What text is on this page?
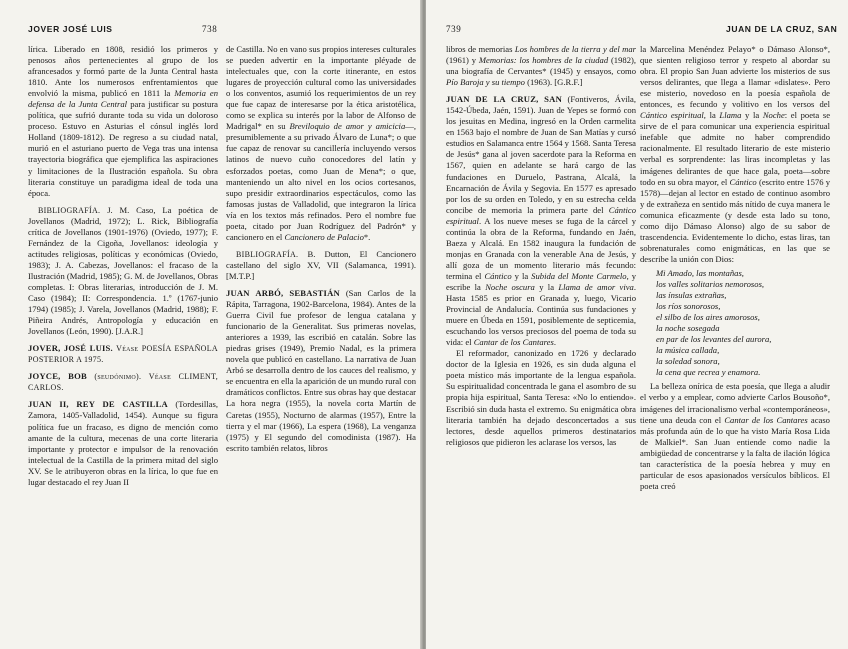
JOVER JOSÉ LUIS	738

lírica. Liberado en 1808, residió los primeros y penosos años pertenecientes al grupo de los afrancesados y formó parte de la Junta Central hasta 1810. Ante los numerosos enfrentamientos que envolvió la misma, publicó en 1811 la Memoria en defensa de la Junta Central para justificar su postura política, que sufrió durante toda su vida un doloroso proceso. Estuvo en Asturias el cónsul inglés lord Holland (1809-1812). De regreso a su ciudad natal, murió en el asturiano puerto de Vega tras una intensa trayectoria biográfica que ejemplifica las aspiraciones y limitaciones de la Ilustración española. Su obra literaria constituye un paradigma ideal de toda una época.

BIBLIOGRAFÍA. J. M. Caso, La poética de Jovellanos (Madrid, 1972); L. Rick, Bibliografía crítica de Jovellanos (1901-1976) (Oviedo, 1977); F. Fernández de la Cigoña, Jovellanos: ideología y actitudes religiosas, políticas y económicas (Oviedo, 1983); J. A. Cabezas, Jovellanos: el fracaso de la Ilustración (Madrid, 1985); G. M. de Jovellanos, Obras completas. I: Obras literarias, introducción de J. M. Caso (1984); II: Correspondencia. 1.º (1767-junio 1794) (1985); J. Varela, Jovellanos (Madrid, 1988); F. Piñeira Andrés, Antropología y educación en Jovellanos (León, 1990). [J.A.R.]

JOVER, JOSÉ LUIS. Véase POESÍA ESPAÑOLA POSTERIOR A 1975.

JOYCE, BOB (seudónimo). Véase CLIMENT, CARLOS.

JUAN II, REY DE CASTILLA (Tordesillas, Zamora, 1405-Valladolid, 1454). Aunque su figura política fue un fracaso, es digno de mención como amante de la cultura, mecenas de una corte literaria importante y protector e impulsor de la renovación intelectual de la Castilla de la primera mitad del siglo XV. Se le atribuyeron obras en la lírica, lo que fue en lugar destacado el rey Juan II

de Castilla. No en vano sus propios intereses culturales se pueden advertir en la importante pléyade de intelectuales que, con la corte itinerante, en estos lugares de proyección cultural como las universidades o los conventos, asumió los requerimientos de un rey que fue capaz de interesarse por la ética aristotélica, como se explica su interés por la labor de Alfonso de Madrigal* en su Breviloquio de amor y amicicia—, presumiblemente a su privado Álvaro de Luna*; o que fue capaz de renovar su cancillería incluyendo versos latinos de nuevo cuño conocedores del latín y esforzados poetas, como Juan de Mena*; o que, manteniendo un alto nivel en los ocios cortesanos, supo presidir extraordinarios espectáculos, como las famosas justas de Valladolid, que integraron la lírica vía en los textos más refinados. Pero el nombre fue poeta, citado por Juan Rodríguez del Padrón* y cancionero en el Cancionero de Palacio*.

BIBLIOGRAFÍA. B. Dutton, El Cancionero castellano del siglo XV, VII (Salamanca, 1991). [M.T.P.]

JUAN ARBÓ, SEBASTIÁN (San Carlos de la Rápita, Tarragona, 1902-Barcelona, 1984). Antes de la Guerra Civil fue profesor de lengua catalana y funcionario de la Generalitat. Sus primeras novelas, anteriores a 1939, las escribió en catalán. Sobre las piedras grises (1949), Premio Nadal, es la primera novela que publicó en castellano. La narrativa de Juan Arbó se desarrolla dentro de los cauces del realismo, y se encuentra en ella la aparición de un mundo rural con dramáticos conflictos. Entre sus obras hay que destacar La hora negra (1955), la novela corta Martín de Caretas (1955), Nocturno de alarmas (1957), Entre la tierra y el mar (1966), La espera (1968), La venganza (1975) y El segundo del comodinista (1987). Ha escrito también relatos, libros

739	JUAN DE LA CRUZ, SAN

libros de memorias Los hombres de la tierra y del mar (1961) y Memorias: los hombres de la ciudad (1982), una biografía de Cervantes* (1945) y ensayos, como Pío Baroja y su tiempo (1963). [G.R.F.]

JUAN DE LA CRUZ, SAN (Fontiveros, Ávila, 1542-Úbeda, Jaén, 1591). Juan de Yepes se formó con los jesuitas en Medina, ingresó en la Orden carmelita en 1563 bajo el nombre de Juan de San Matías y cursó estudios en Salamanca entre 1564 y 1568. Santa Teresa de Jesús* gana al joven sacerdote para la Reforma en 1567, quien en adelante se hará cargo de las fundaciones en Duruelo, Pastrana, Alcalá, la Encarnación de Ávila y Segovia. En 1577 es apresado por los de su orden en Toledo, y en su estrecha celda concibe de memoria la primera parte del Cántico espiritual. A los nueve meses se fuga de la cárcel y continúa la obra de la Reforma, fundando en Jaén, Baeza y Alcalá. En 1582 inaugura la fundación de monjas en Granada con la venerable Ana de Jesús, y allí goza de un momento literario más fecundo: termina el Cántico y la Subida del Monte Carmelo, y escribe la Noche oscura y la Llama de amor viva. Hasta 1585 es prior en Granada y, luego, Vicario Provincial de Andalucía. Continúa sus fundaciones y muere en Úbeda en 1591, posiblemente de septicemia, escuchando los versos preciosos del poema de toda su vida: el Cantar de los Cantares.

El reformador, canonizado en 1726 y declarado doctor de la Iglesia en 1926, es sin duda alguna el poeta místico más importante de la lengua española. Su espiritualidad concentrada le gana el asombro de su propia hija espiritual, Santa Teresa: «No lo entiendo». Escribió sin duda hasta el extremo. Su enigmática obra literaria también ha dejado desconcertados a sus lectores, desde aquellos primeros destinatarios religiosos que pidieron les aclarase los versos, las

la Marcelina Menéndez Pelayo* o Dámaso Alonso*, que sienten religioso terror y respeto al abordar su obra. El propio San Juan advierte los misterios de sus versos delirantes, que llega a llamar «dislates». Pero ese misterio, novedoso en la poesía española de entonces, es fecundo y volitivo en los versos del Cántico espiritual, la Llama y la Noche: el poeta se sirve de el para comunicar una experiencia espiritual inefable que admite no haber comprendido racionalmente. El resultado literario de este misterio verbal es sorprendente: las liras incompletas y las imágenes delirantes de que hace gala, poeta—sobre todo en su obra mayor, el Cántico (escrito entre 1576 y 1578)—dejan al lector en estado de continuo asombro y de extrañeza en sentido más nítido de cuya manera le comunica eficazmente (y desde esta lado su tono, como dijo Dámaso Alonso) algo de su sabor de trascendencia. Evidentemente lo dicho, estas liras, tan sobrenaturales como enigmáticas, en las que se describe la unión con Dios:

Mi Amado, las montañas,
los valles solitarios nemorosos,
las ínsulas extrañas,
los ríos sonorosos,
el silbo de los aires amorosos,
la noche sosegada
en par de los levantes del aurora,
la música callada,
la soledad sonora,
la cena que recrea y enamora.

La belleza onírica de esta poesía, que llega a aludir el verbo y a emplear, como advierte Carlos Bousoño*, imágenes del irracionalismo verbal «contemporáneos», tiene una deuda con el Cantar de los Cantares acaso más profunda aún de lo que ha visto María Rosa Lida de Malkiel*. San Juan entiende como nadie la ambigüedad de concentrarse y la falta de ilación lógica tan característica de la poesía hebrea y muy en particular de esos apasionados versículos bíblicos. El poeta creó
